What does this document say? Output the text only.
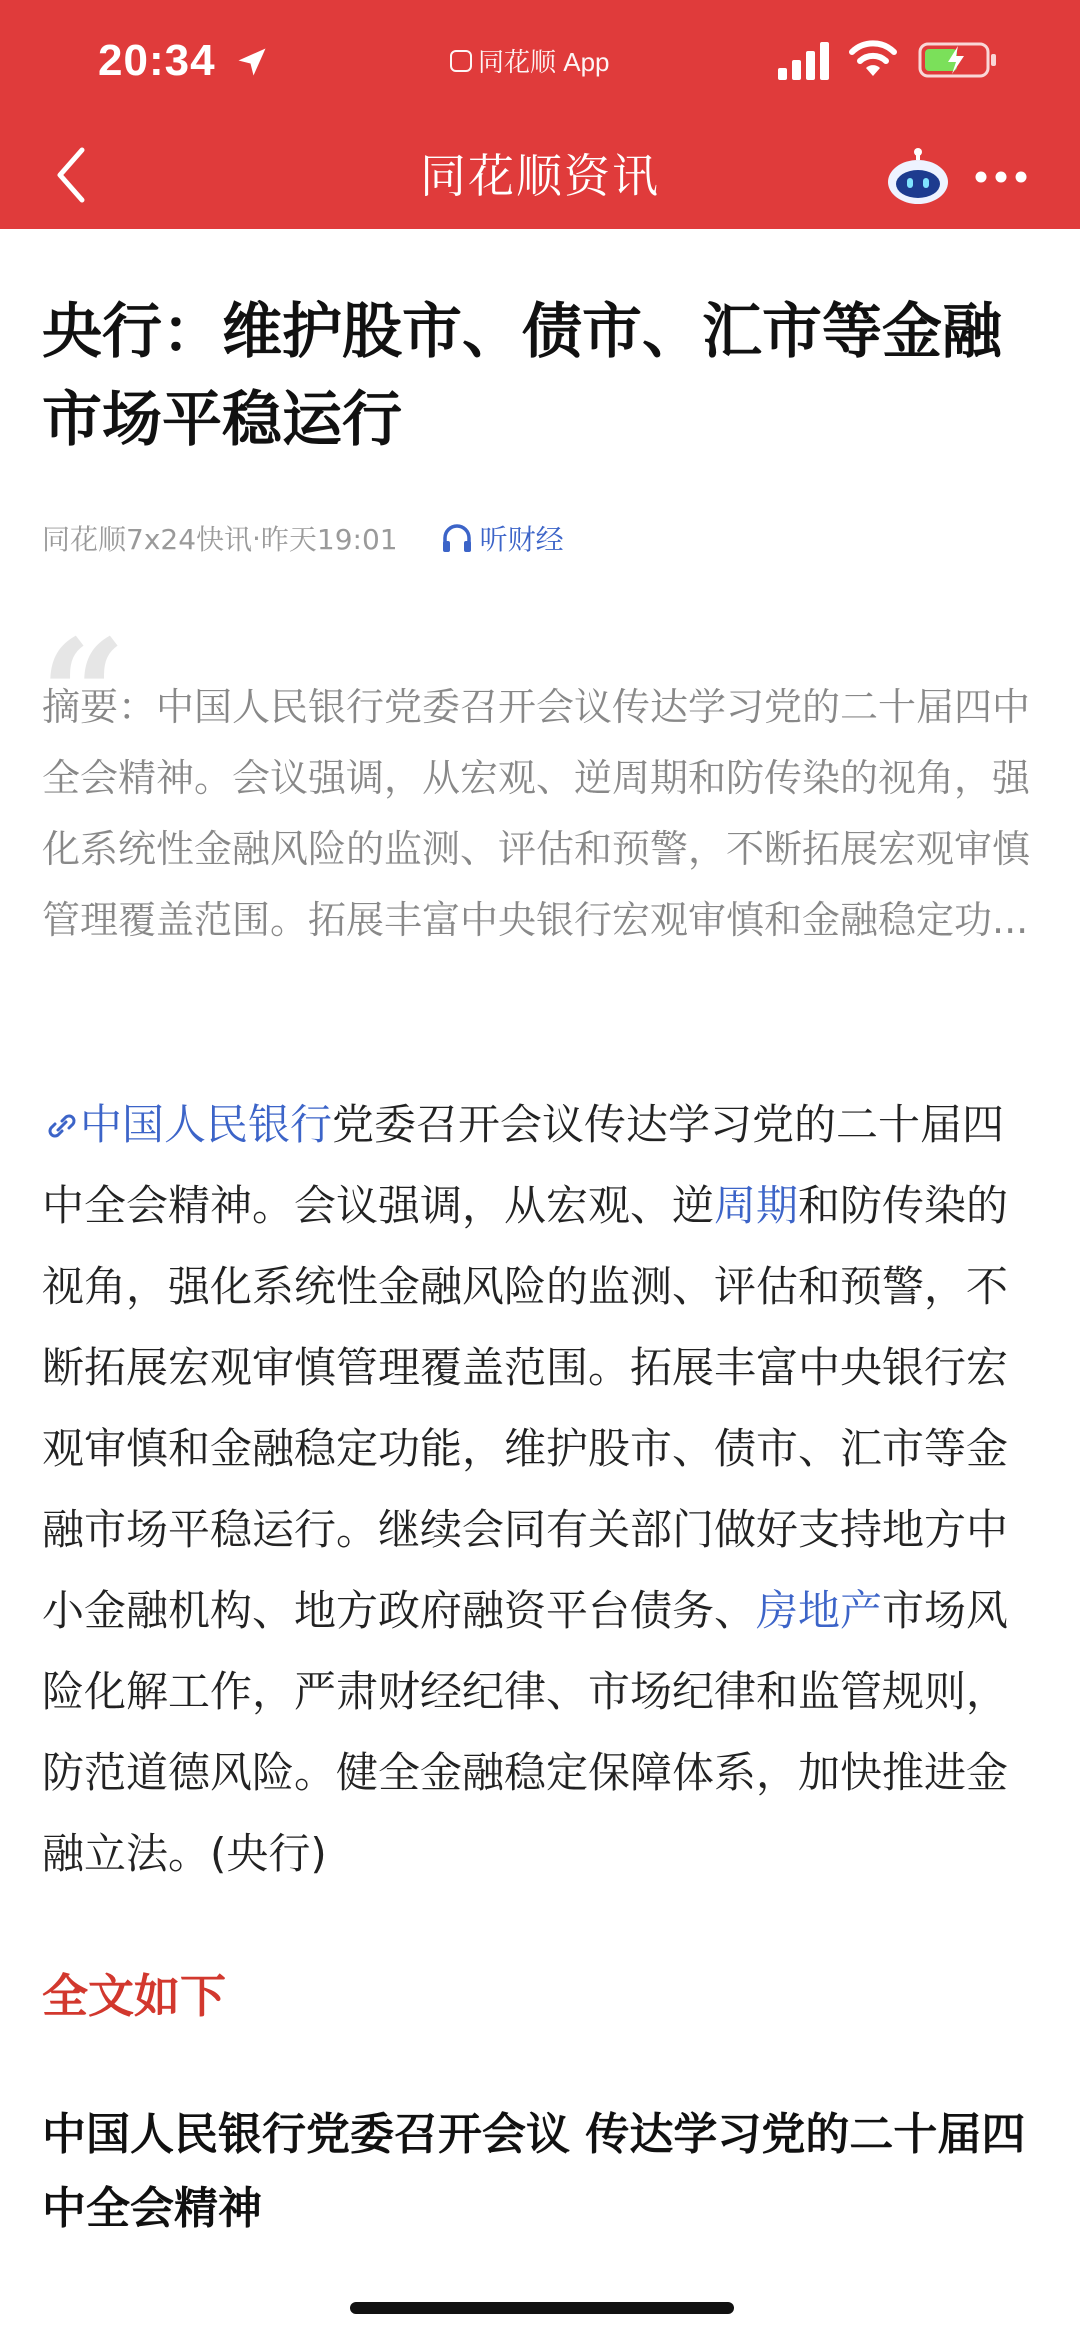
20:34	同花顺 App
同花顺资讯
央行：维护股市、债市、汇市等金融市场平稳运行
同花顺7x24快讯 · 昨天19:01	听财经
“

摘要：中国人民银行党委召开会议传达学习党的二十届四中全会精神。会议强调，从宏观、逆周期和防传染的视角，强化系统性金融风险的监测、评估和预警，不断拓展宏观审慎管理覆盖范围。拓展丰富中央银行宏观审慎和金融稳定功...

中国人民银行党委召开会议传达学习党的二十届四中全会精神。会议强调，从宏观、逆周期和防传染的视角，强化系统性金融风险的监测、评估和预警，不断拓展宏观审慎管理覆盖范围。拓展丰富中央银行宏观审慎和金融稳定功能，维护股市、债市、汇市等金融市场平稳运行。继续会同有关部门做好支持地方中小金融机构、地方政府融资平台债务、房地产市场风险化解工作，严肃财经纪律、市场纪律和监管规则，防范道德风险。健全金融稳定保障体系，加快推进金融立法。(央行)

全文如下
中国人民银行党委召开会议 传达学习党的二十届四中全会精神
